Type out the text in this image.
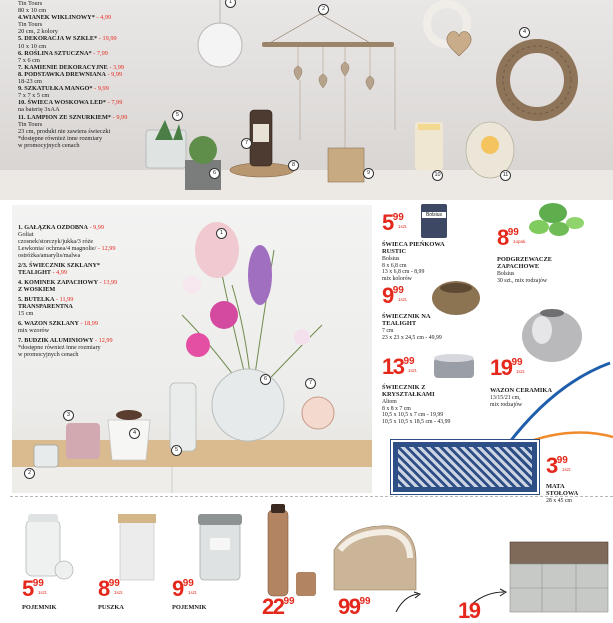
Tin Tours
80 x 10 cm
4.WIANEK WIKLINOWY* - 4,99
Tin Tours
20 cm, 2 kolory
5. DEKORACJA W SZKLE* - 19,99
10 x 10 cm
6. ROŚLINA SZTUCZNA* - 7,99
7 x 6 cm
7. KAMIENIE DEKORACYJNE - 3,99
8. PODSTAWKA DREWNIANA - 9,99
18-23 cm
9. SZKATUŁKA MANGO* - 9,99
7 x 7 x 5 cm
10. ŚWIECA WOSKOWA LED* - 7,99
na baterię 3xAA
11. LAMPION ZE SZNURKIEM* - 9,99
Tin Tours
23 cm, produkt nie zawiera świeczki
*dostępne również inne rozmiary
w promocyjnych cenach
1. GAŁĄZKA OZDOBNA - 9,99
Goliat
czosnek/storczyk/jukka/3 róże
Lewkonia/ ochmea/4 magnolie/ - 12,99
ostróżka/amarylis/malwa
2/3. ŚWIECZNIK SZKLANY*
TEALIGHT - 4,99
4. KOMINEK ZAPACHOWY - 13,99
Z WOSKIEM
5. BUTELKA - 11,99
TRANSPARENTNA
15 cm
6. WAZON SZKLANY - 18,99
mix wzorów
7. BUDZIK ALUMINIOWY - 12,99
*dostępne również inne rozmiary
w promocyjnych cenach
Bolsius
$5^{99}$
1szt.
ŚWIECA PIEŃKOWA RUSTIC
Bolsius
8 x 6,8 cm
13 x 6,8 cm - 8,99
mix kolorów
$8^{99}$
1opak.
PODGRZEWACZE ZAPACHOWE
Bolsius
30 szt., mix rodzajów
$9^{99}$
1szt.
ŚWIECZNIK NA TEALIGHT
7 cm
23 x 23 x 24,5 cm - 49,99
$13^{99}$
1szt.
ŚWIECZNIK Z KRYSZTAŁKAMI
Altom
8 x 8 x 7 cm
10,5 x 10,5 x 7 cm - 19,99
10,5 x 10,5 x 18,5 cm - 43,99
$19^{99}$
1szt.
WAZON CERAMIKA
13/15/21 cm,
mix rodzajów
$3^{99}$
1szt.
MATA STOŁOWA
28 x 45 cm
$5^{99}$
1szt.
POJEMNIK
$8^{99}$
1szt.
PUSZKA
$9^{99}$
1szt.
POJEMNIK	$22^{99}$ $99^{99}$	19
1
2
4
5
6
7
8
9	10	11
1
2
3
4
5
6
7
